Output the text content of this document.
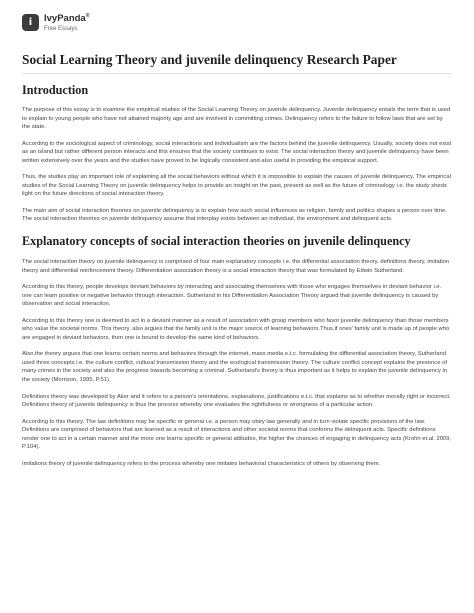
i	IvyPanda®
Free Essays
Social Learning Theory and juvenile delinquency Research Paper
Introduction

The purpose of this essay is to examine the empirical studies of the Social Learning Theory on juvenile delinquency. Juvenile delinquency entails the term that is used to explain to young people who have not attained majority age and are involved in committing crimes. Delinquency refers to the failure to follow laws that are set by the state.

According to the sociological aspect of criminology, social interactions and individualism are the factors behind the juvenile delinquency. Usually, society does not exist as an island but rather different person interacts and this ensures that the society continues to exist. The social interaction theory and juvenile delinquency have been written extensively over the years and the studies have proved to be logically consistent and also useful in providing the empirical support.

Thus, the studies play an important role of explaining all the social behaviors without which it is impossible to explain the causes of juvenile delinquency. The empirical studies of the Social Learning Theory on juvenile delinquency helps to provide an insight on the past, present as well as the future of criminology i.e. the study sheds light on the future directions of social interaction theory.

The main aim of social interaction theories on juvenile delinquency is to explain how such social influences as religion, family and politics shapes a person over time. The social interaction theories on juvenile delinquency assume that interplay exists between an individual, the environment and delinquent acts.

Explanatory concepts of social interaction theories on juvenile delinquency

The social interaction theory on juvenile delinquency is comprised of four main explanatory concepts i.e. the differential association theory, definitions theory, imitation theory and differential reinforcement theory. Differentiation association theory is a social interaction theory that was formulated by Edwin Sutherland.

According to this theory, people develops deviant behaviors by interacting and associating themselves with those who engages themselves in deviant behavior i.e. one can learn positive or negative behavior through interaction. Sutherland in his Differentiation Association Theory argued that juvenile delinquency is caused by observation and social interaction.

According to this theory one is deemed to act in a deviant manner as a result of association with group members who favor juvenile delinquency than those members who value the societal norms. This theory, also argues that the family unit is the major source of learning behaviors.Thus,if ones' family unit is made up of people who are engaged in deviant behaviors, then one is bound to develop the same kind of behaviors.

Also,the theory argues that one learns certain norms and behaviors through the internet, mass media e.t.c. formulating the differential association theory, Sutherland used three concepts i.e. the culture conflict, cultural transmission theory and the ecological transmission theory. The culture conflict concept explains the presence of many crimes in the society and also the progress towards becoming a criminal. Sutherland's theory is thus important as it helps to explain the juvenile delinquency in the society (Morrison, 1995, P.51).

Definitions theory was developed by Aker and it refers to a person's orientations, explanations, justifications e.t.c. that explains as to whether morally right or incorrect. Definitions theory of juvenile delinquency is thus the process whereby one evaluates the rightfulness or wrongness of a particular action.

According to this theory. The law definitions may be specific or general i.e. a person may obey law generally and in turn violate specific provisions of the law. Definitions are comprised of behaviors that are learned as a result of interactions and other societal norms that conforms the delinquent acts. Specific definitions render one to act in a certain manner and the more one learns specific or general attitudes, the higher the chances of engaging in delinquency acts (Krohn et.al. 2009, P.104).

Imitations theory of juvenile delinquency refers to the process whereby one imitates behavioral characteristics of others by observing them.
